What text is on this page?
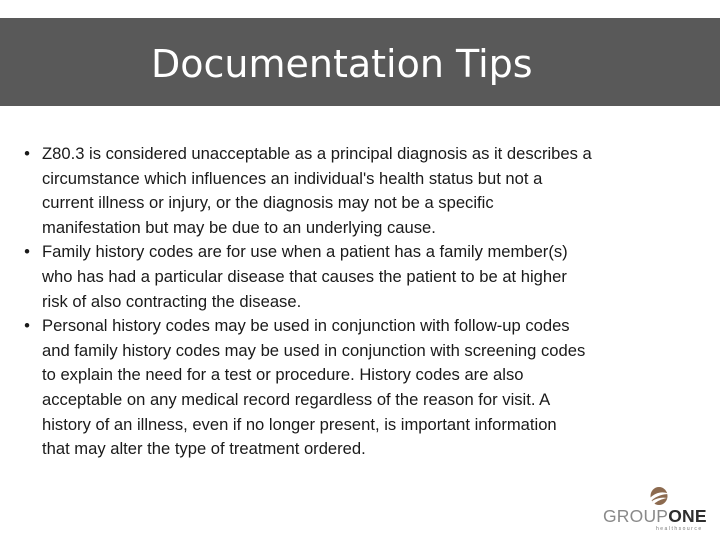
Documentation Tips
• Z80.3 is considered unacceptable as a principal diagnosis as it describes a
circumstance which influences an individual's health status but not a
current illness or injury, or the diagnosis may not be a specific
manifestation but may be due to an underlying cause.
• Family history codes are for use when a patient has a family member(s)
who has had a particular disease that causes the patient to be at higher
risk of also contracting the disease.
• Personal history codes may be used in conjunction with follow-up codes
and family history codes may be used in conjunction with screening codes
to explain the need for a test or procedure. History codes are also
acceptable on any medical record regardless of the reason for visit. A
history of an illness, even if no longer present, is important information
that may alter the type of treatment ordered.
GROUPONE
healthsource
